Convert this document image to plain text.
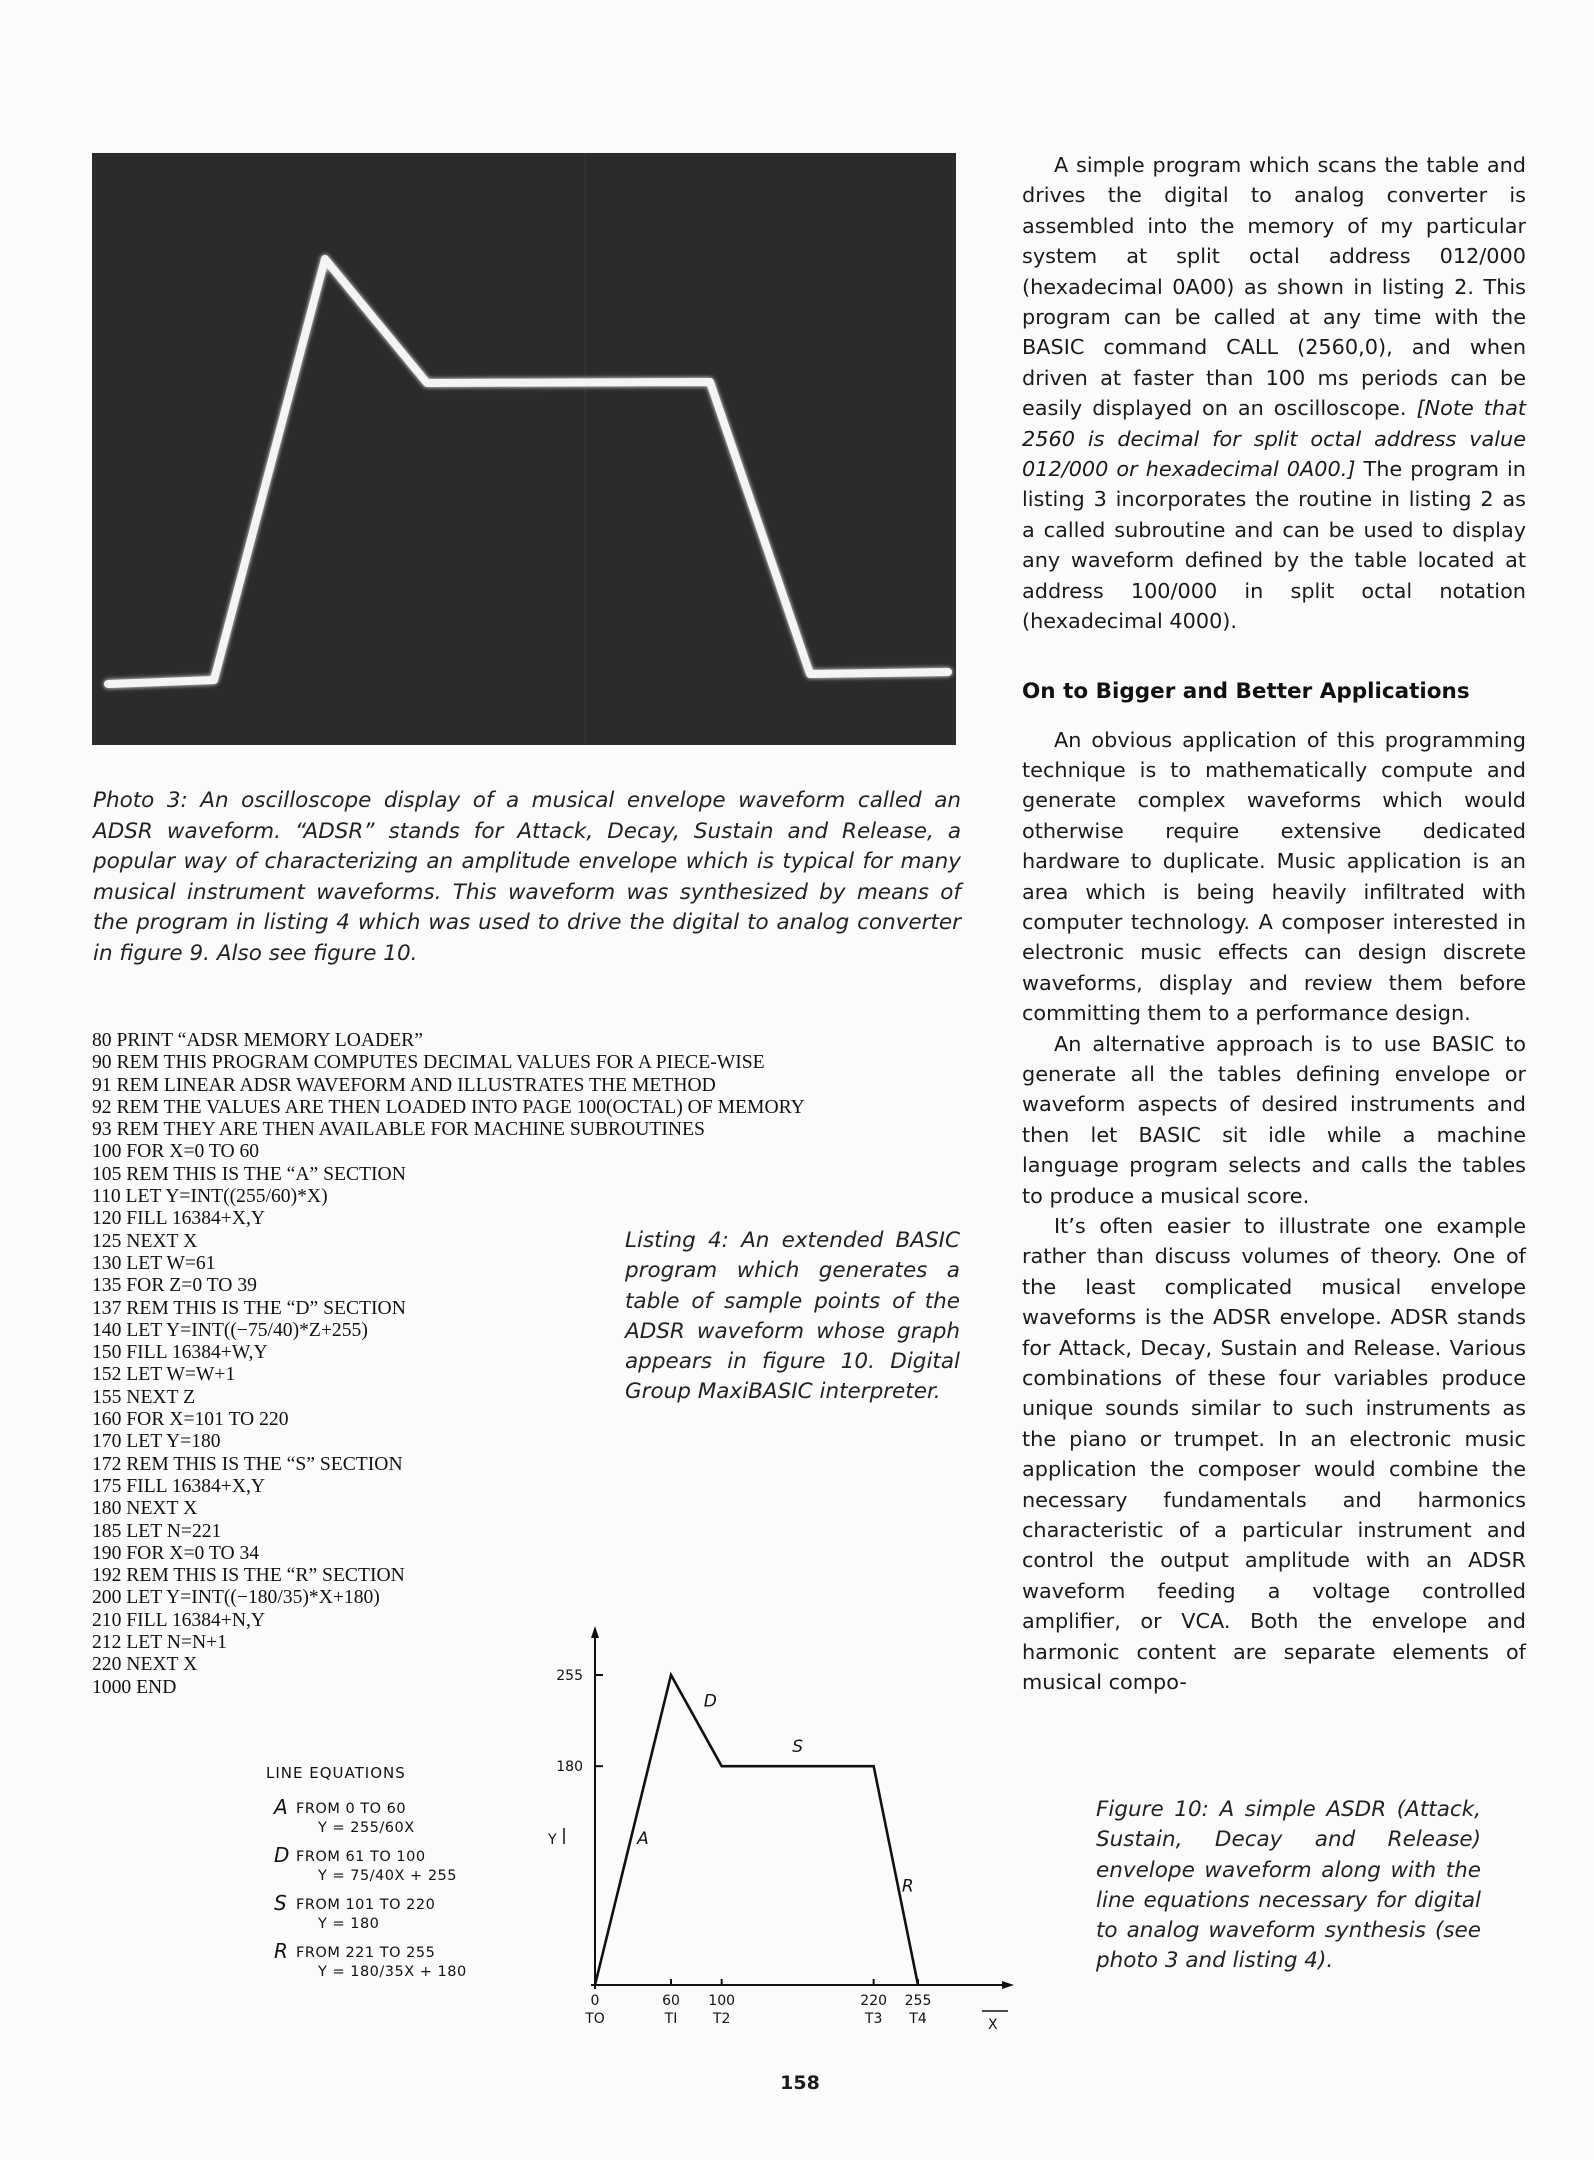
Photo 3: An oscilloscope display of a musical envelope waveform called an ADSR waveform. “ADSR” stands for Attack, Decay, Sustain and Release, a popular way of characterizing an amplitude envelope which is typical for many musical instrument waveforms. This waveform was synthesized by means of the program in listing 4 which was used to drive the digital to analog converter in figure 9. Also see figure 10.
80 PRINT “ADSR MEMORY LOADER”
90 REM THIS PROGRAM COMPUTES DECIMAL VALUES FOR A PIECE-WISE
91 REM LINEAR ADSR WAVEFORM AND ILLUSTRATES THE METHOD
92 REM THE VALUES ARE THEN LOADED INTO PAGE 100(OCTAL) OF MEMORY
93 REM THEY ARE THEN AVAILABLE FOR MACHINE SUBROUTINES
100 FOR X=0 TO 60
105 REM THIS IS THE “A” SECTION
110 LET Y=INT((255/60)*X)
120 FILL 16384+X,Y
125 NEXT X
130 LET W=61
135 FOR Z=0 TO 39
137 REM THIS IS THE “D” SECTION
140 LET Y=INT((−75/40)*Z+255)
150 FILL 16384+W,Y
152 LET W=W+1
155 NEXT Z
160 FOR X=101 TO 220
170 LET Y=180
172 REM THIS IS THE “S” SECTION
175 FILL 16384+X,Y
180 NEXT X
185 LET N=221
190 FOR X=0 TO 34
192 REM THIS IS THE “R” SECTION
200 LET Y=INT((−180/35)*X+180)
210 FILL 16384+N,Y
212 LET N=N+1
220 NEXT X
1000 END
Listing 4: An extended BASIC program which generates a table of sample points of the ADSR waveform whose graph appears in figure 10. Digital Group MaxiBASIC interpreter.

A simple program which scans the table and drives the digital to analog converter is assembled into the memory of my particular system at split octal address 012/000 (hexadecimal 0A00) as shown in listing 2. This program can be called at any time with the BASIC command CALL (2560,0), and when driven at faster than 100 ms periods can be easily displayed on an oscilloscope. [Note that 2560 is decimal for split octal address value 012/000 or hexadecimal 0A00.] The program in listing 3 incorporates the routine in listing 2 as a called subroutine and can be used to display any waveform defined by the table located at address 100/000 in split octal notation (hexadecimal 4000).

On to Bigger and Better Applications

An obvious application of this programming technique is to mathematically compute and generate complex waveforms which would otherwise require extensive dedicated hardware to duplicate. Music application is an area which is being heavily infiltrated with computer technology. A composer interested in electronic music effects can design discrete waveforms, display and review them before committing them to a performance design.

An alternative approach is to use BASIC to generate all the tables defining envelope or waveform aspects of desired instruments and then let BASIC sit idle while a machine language program selects and calls the tables to produce a musical score.

It’s often easier to illustrate one example rather than discuss volumes of theory. One of the least complicated musical envelope waveforms is the ADSR envelope. ADSR stands for Attack, Decay, Sustain and Release. Various combinations of these four variables produce unique sounds similar to such instruments as the piano or trumpet. In an electronic music application the composer would combine the necessary fundamentals and harmonics characteristic of a particular instrument and control the output amplitude with an ADSR waveform feeding a voltage controlled amplifier, or VCA. Both the envelope and harmonic content are separate elements of musical compo-

LINE EQUATIONS
A FROM 0 TO 60
Y = 255/60X
D FROM 61 TO 100
Y = 75/40X + 255
S FROM 101 TO 220
Y = 180
R FROM 221 TO 255
Y = 180/35X + 180
180
255
Y
0
TO
60
TI
100
T2
220
T3
255
T4	X
A
D
S
R
Figure 10: A simple ASDR (Attack, Sustain, Decay and Release) envelope waveform along with the line equations necessary for digital to analog waveform synthesis (see photo 3 and listing 4).
158
